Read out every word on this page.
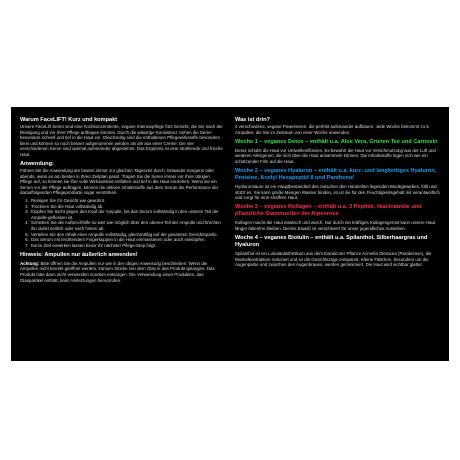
Warum FaceLIFT! Kurz und kompakt

Unsere FaceLift Seren sind eine hochkonzentrierte, vegane Intensivpflege fürs Gesicht, die Sie nach der Reinigung und vor Ihrer Pflege auftragen können. Durch die wässrige Konsistenz ziehen die Seren besonders schnell und tief in die Haut ein. Gleichzeitig sind die enthaltenen Pflegewirkstoffe besonders klein und können so noch besser aufgenommen werden als die aus einer Creme. Die vier verschiedenen Seren sind optimal aufeinander abgestimmt. Das Ergebnis ist eine strahlende und frische Haut.

Anwendung:

Führen Sie die Anwendung am besten immer zur gleichen Tageszeit durch. Entweder morgens oder abends, wann es am besten in Ihren Zeitplan passt. Tragen Sie die Seren immer vor Ihrer übrigen Pflege auf, so können sie ihre volle Wirksamkeit entfalten und tief in die Haut einziehen. Wenn sie ein Serum vor der Pflege auftragen, können die aktiven Inhaltsstoffe aus dem Serum die Performance der darauffolgenden Pflegeprodukte sogar verstärken.

1. Reinigen Sie Ihr Gesicht wie gewohnt.
2. Trocknen Sie die Haut vollständig ab.
3. Klopfen Sie leicht gegen den Kopf der Ampulle, bis das Serum vollständig in den unteren Teil der Ampulle geflossen ist.
4. Schieben Sie die Aufbrechhilfe so weit wie möglich über den oberen Teil der Ampulle und brechen ihn dunkt seitlich oder nach hinten ab.
5. Verteilen Sie den Inhalt einer Ampulle vollständig, gleichmäßig auf der gesamten Gesichtspartie.
6. Das Serum mit leichtendem Fingerkuppen in die Haut einmassieren oder auch einklopfen.
7. Kurze Zeit einwirken lassen bevor ihr nächster Pflege-Step folgt.
Hinweis: Ampullen nur äußerlich anwenden!

Achtung: Bitte öffnen Sie die Ampullen nur wie in der obigen Anweisung beschrieben. Wenn die Ampullen nicht korrekt geöffnet werden, können Stücke von dem Glas in das Produkt gelangen. Das Produkt bitte dann nicht verwenden sondern entsorgen. Die Verwendung eines Produktes, das Glaspartikel enthält, kann Verletzungen hervorrufen.

Was ist drin?

4 verschiedene, vegane Powerseren, die perfekt aufeinander aufbauen. Jede Woche bekommt zu 5 Ampullen, die Sie im Zeitraum von einer Woche anwenden.

Woche 1 – veganes Detox – enthält u.a. Aloe Vera, Grünen Tee und Carnosin

Detox schützt die Haut vor Umwelteinflüssen. Es bewahrt die Haut vor Verschmutzung aus der Luft und weiteren Allergenen, die sich über die Haut ansammeln können. Die Inhaltsstoffe legen sich wie ein schützender Film auf die Haut.

Woche 2 – veganes Hyaluron – enthält u.a. kurz- und langkettiges Hyaluron, Proteine, Acetyl Hexapeptid 8 und Panthenol

Hyaluronsäure ist ein Hauptbestandteil des zwischen den Hautzellen liegenden Bindegewebes, füllt und stützt es. Sie kann große Mengen Wasser binden, so ist sie für den Feuchtigkeitsgehalt mit verantwortlich und sorgt für eine straffere Haut.

Woche 3 – veganes Kollagen – enthält u.a. 3 Peptide, Niacinamide und pflanzliche Stammzellen der Alpenrose

Kollagen macht die Haut elastisch und weich. Nur durch ein kräftiges Kollagengerüst kann unsere Haut länger faltenfrei bleiben. Dieses Eiweiß ist verschleiert für unser jugendliches Aussehen.

Woche 4 – veganes Biotulin – enthält u.a. Spilanthol, Silberhaargras und Hyaluron

Spilanthol ist ein Lokalanästhetikum aus dem Extrakt der Pflanze Acmella Oleracea (Parakresse), die Muskelkontraktion reduziert und so die Gesichtszüge entspannt. Kleine Fältchen, besonders um die Augenpartie und zwischen den Augenbrauen, werden geminimiert. Die Haut wird sichtbar glatter.
